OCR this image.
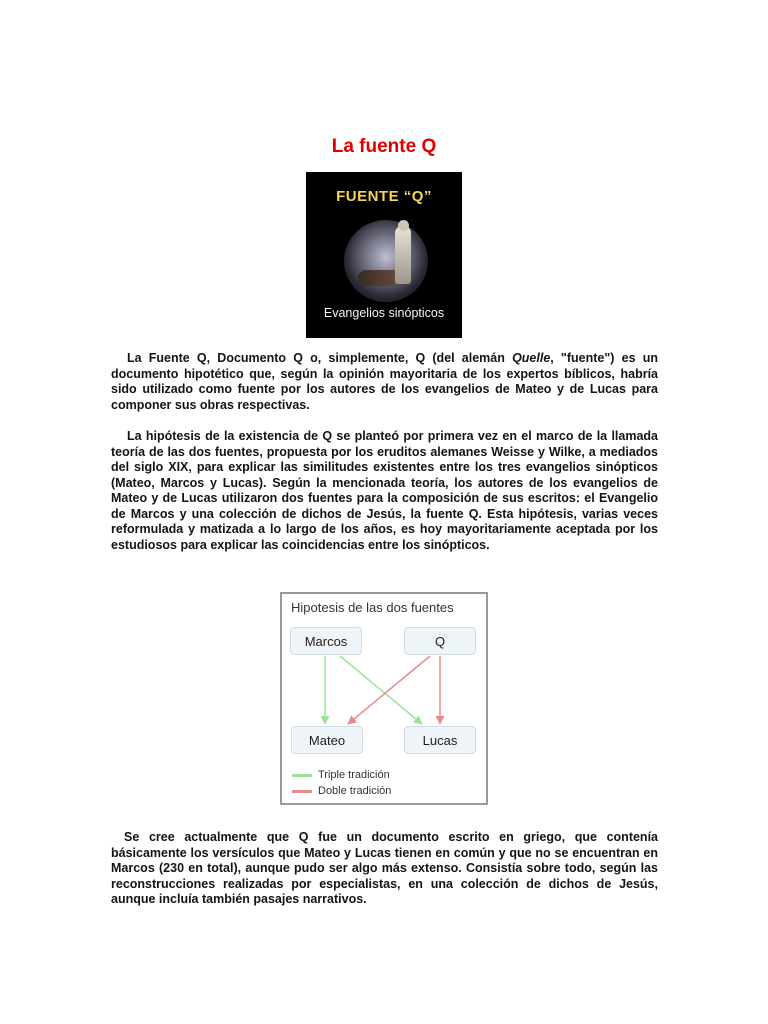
La fuente Q
FUENTE “Q”
Evangelios sinópticos

La Fuente Q, Documento Q o, simplemente, Q (del alemán Quelle, "fuente") es un documento hipotético que, según la opinión mayoritaria de los expertos bíblicos, habría sido utilizado como fuente por los autores de los evangelios de Mateo y de Lucas para componer sus obras respectivas.

La hipótesis de la existencia de Q se planteó por primera vez en el marco de la llamada teoría de las dos fuentes, propuesta por los eruditos alemanes Weisse y Wilke, a mediados del siglo XIX, para explicar las similitudes existentes entre los tres evangelios sinópticos (Mateo, Marcos y Lucas). Según la mencionada teoría, los autores de los evangelios de Mateo y de Lucas utilizaron dos fuentes para la composición de sus escritos: el Evangelio de Marcos y una colección de dichos de Jesús, la fuente Q. Esta hipótesis, varias veces reformulada y matizada a lo largo de los años, es hoy mayoritariamente aceptada por los estudiosos para explicar las coincidencias entre los sinópticos.

Hipotesis de las dos fuentes
Marcos	Q
Mateo	Lucas
Triple tradición
Doble tradición

Se cree actualmente que Q fue un documento escrito en griego, que contenía básicamente los versículos que Mateo y Lucas tienen en común y que no se encuentran en Marcos (230 en total), aunque pudo ser algo más extenso. Consistía sobre todo, según las reconstrucciones realizadas por especialistas, en una colección de dichos de Jesús, aunque incluía también pasajes narrativos.
